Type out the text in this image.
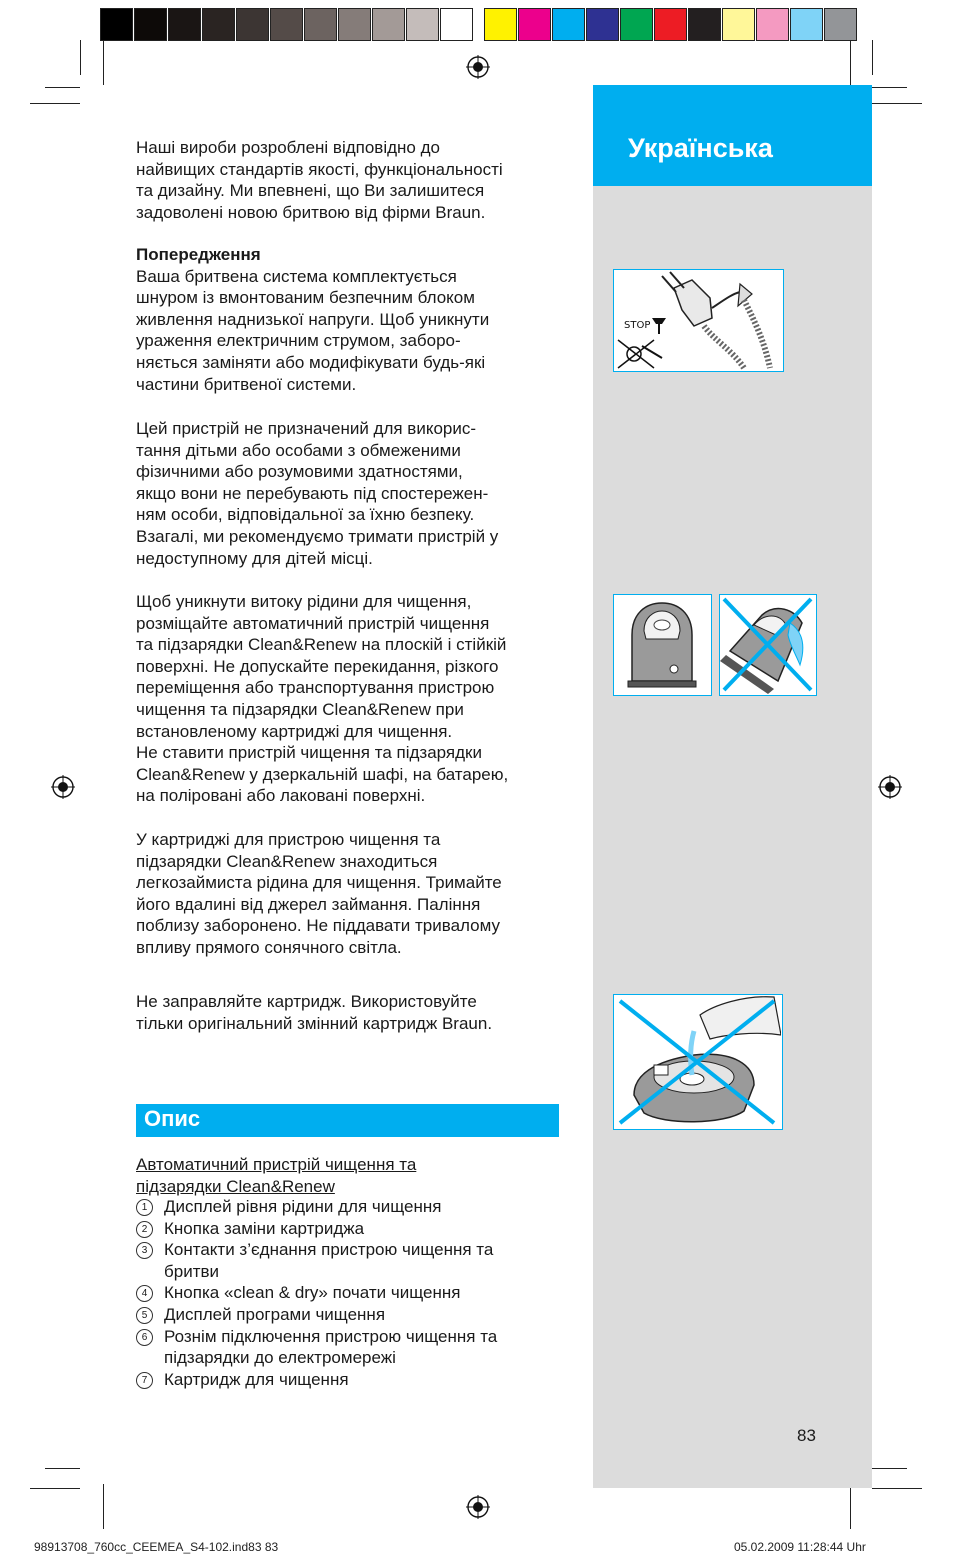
Українська
STOP

Наші вироби розроблені відповідно до

найвищих стандартів якості, функціональності

та дизайну. Ми впевнені, що Ви залишитеся

задоволені новою бритвою від фірми Braun.

Попередження

Ваша бритвена система комплектується

шнуром із вмонтованим безпечним блоком

живлення наднизької напруги. Щоб уникнути

ураження електричним струмом, заборо-

няється заміняти або модифікувати будь-які

частини бритвеної системи.

Цей пристрій не призначений для викорис-

тання дітьми або особами з обмеженими

фізичними або розумовими здатностями,

якщо вони не перебувають під спостережен-

ням особи, відповідальної за їхню безпеку.

Взагалі, ми рекомендуємо тримати пристрій у

недоступному для дітей місці.

Щоб уникнути витоку рідини для чищення,

розміщайте автоматичний пристрій чищення

та підзарядки Clean&Renew на плоскій і стійкій

поверхні. Не допускайте перекидання, різкого

переміщення або транспортування пристрою

чищення та підзарядки Clean&Renew при

встановленому картриджі для чищення.

Не ставити пристрій чищення та підзарядки

Clean&Renew у дзеркальній шафі, на батарею,

на поліровані або лаковані поверхні.

У картриджі для пристрою чищення та

підзарядки Clean&Renew знаходиться

легкозаймиста рідина для чищення. Тримайте

його вдалині від джерел займання. Паління

поблизу заборонено. Не піддавати тривалому

впливу прямого сонячного світла.

Не заправляйте картридж. Використовуйте

тільки оригінальний змінний картридж Braun.

Опис

Автоматичний пристрій чищення та

підзарядки Clean&Renew

1 Дисплей рівня рідини для чищення
2 Кнопка заміни картриджа
3 Контакти з’єднання пристрою чищення та
бритви
4 Кнопка «clean & dry» почати чищення
5 Дисплей програми чищення
6 Рознім підключення пристрою чищення та
підзарядки до електромережі
7 Картридж для чищення
83
98913708_760cc_CEEMEA_S4-102.ind83 83	05.02.2009 11:28:44 Uhr
